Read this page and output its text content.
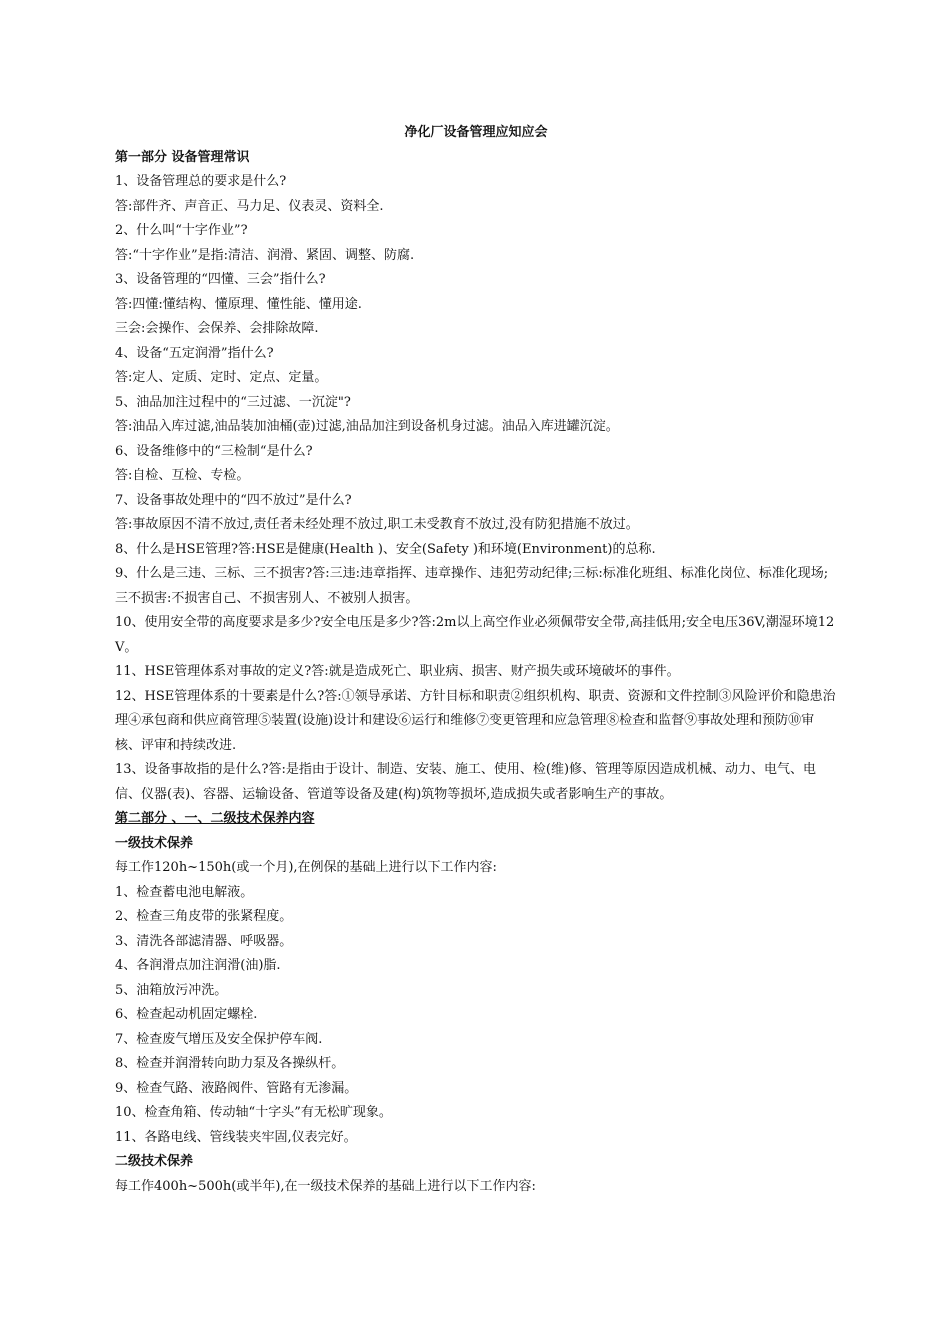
净化厂设备管理应知应会

第一部分 设备管理常识

1、设备管理总的要求是什么?

答:部件齐、声音正、马力足、仪表灵、资料全.

2、什么叫“十字作业”?

答:“十字作业”是指:清洁、润滑、紧固、调整、防腐.

3、设备管理的“四懂、三会”指什么?

答:四懂:懂结构、懂原理、懂性能、懂用途.

三会:会操作、会保养、会排除故障.

4、设备“五定润滑”指什么?

答:定人、定质、定时、定点、定量。

5、油品加注过程中的“三过滤、一沉淀"?

答:油品入库过滤,油品装加油桶(壶)过滤,油品加注到设备机身过滤。油品入库进罐沉淀。

6、设备维修中的“三检制“是什么?

答:自检、互检、专检。

7、设备事故处理中的“四不放过”是什么?

答:事故原因不清不放过,责任者未经处理不放过,职工未受教育不放过,没有防犯措施不放过。

8、什么是HSE管理?答:HSE是健康(Health )、安全(Safety )和环境(Environment)的总称.

9、什么是三违、三标、三不损害?答:三违:违章指挥、违章操作、违犯劳动纪律;三标:标准化班组、标准化岗位、标准化现场;三不损害:不损害自己、不损害别人、不被别人损害。

10、使用安全带的高度要求是多少?安全电压是多少?答:2m以上高空作业必须佩带安全带,高挂低用;安全电压36V,潮湿环境12V。

11、HSE管理体系对事故的定义?答:就是造成死亡、职业病、损害、财产损失或环境破坏的事件。

12、HSE管理体系的十要素是什么?答:①领导承诺、方针目标和职责②组织机构、职责、资源和文件控制③风险评价和隐患治理④承包商和供应商管理⑤装置(设施)设计和建设⑥运行和维修⑦变更管理和应急管理⑧检查和监督⑨事故处理和预防⑩审核、评审和持续改进.

13、设备事故指的是什么?答:是指由于设计、制造、安装、施工、使用、检(维)修、管理等原因造成机械、动力、电气、电信、仪器(表)、容器、运输设备、管道等设备及建(构)筑物等损坏,造成损失或者影响生产的事故。

第二部分 、一、二级技术保养内容

一级技术保养

每工作120h~150h(或一个月),在例保的基础上进行以下工作内容:

1、检查蓄电池电解液。

2、检查三角皮带的张紧程度。

3、清洗各部滤清器、呼吸器。

4、各润滑点加注润滑(油)脂.

5、油箱放污冲洗。

6、检查起动机固定螺栓.

7、检查废气增压及安全保护停车阀.

8、检查并润滑转向助力泵及各操纵杆。

9、检查气路、液路阀件、管路有无渗漏。

10、检查角箱、传动轴“十字头”有无松旷现象。

11、各路电线、管线装夹牢固,仪表完好。

二级技术保养

每工作400h~500h(或半年),在一级技术保养的基础上进行以下工作内容:
